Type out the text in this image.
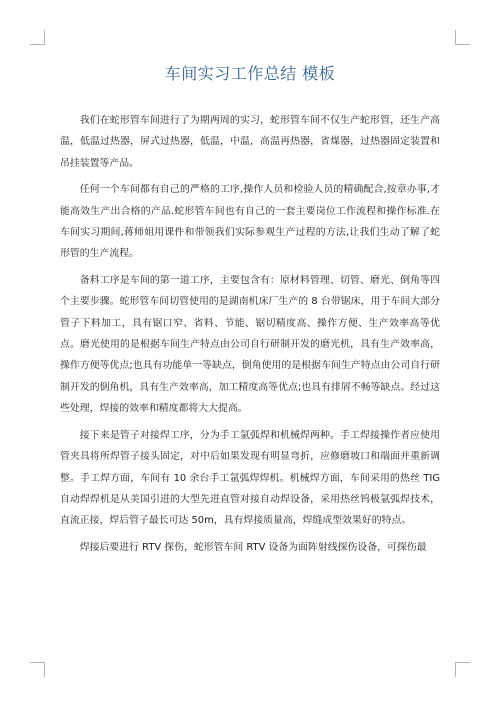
车间实习工作总结 模板

我们在蛇形管车间进行了为期两周的实习，蛇形管车间不仅生产蛇形管，还生产高温，低温过热器，屏式过热器，低温，中温，高温再热器，省煤器，过热器固定装置和吊挂装置等产品。

任何一个车间都有自己的严格的工序,操作人员和检验人员的精确配合,按章办事,才能高效生产出合格的产品.蛇形管车间也有自己的一套主要岗位工作流程和操作标准.在车间实习期间,蒋师姐用课件和带领我们实际参观生产过程的方法,让我们生动了解了蛇形管的生产流程。

备料工序是车间的第一道工序，主要包含有：原材料管理、切管、磨光、倒角等四个主要步骤。蛇形管车间切管使用的是湖南机床厂生产的 8 台带锯床，用于车间大部分管子下料加工，具有锯口窄、省料、节能、锯切精度高、操作方便、生产效率高等优点。磨光使用的是根据车间生产特点由公司自行研制开发的磨光机，具有生产效率高，操作方便等优点;也具有功能单一等缺点，倒角使用的是根据车间生产特点由公司自行研制开发的倒角机，具有生产效率高，加工精度高等优点;也具有排屑不畅等缺点。经过这些处理，焊接的效率和精度都将大大提高。

接下来是管子对接焊工序，分为手工氩弧焊和机械焊两种。手工焊接操作者应使用管夹具将所焊管子接头固定，对中后如果发现有明显弯折，应修磨坡口和端面并重新调整。手工焊方面，车间有 10 余台手工氩弧焊焊机。机械焊方面，车间采用的热丝 TIG 自动焊焊机是从美国引进的大型先进直管对接自动焊设备，采用热丝钨极氩弧焊技术，直流正接，焊后管子最长可达 50m，具有焊接质量高，焊缝成型效果好的特点。

焊接后要进行 RTV 探伤，蛇形管车间 RTV 设备为面阵射线探伤设备，可探伤最
